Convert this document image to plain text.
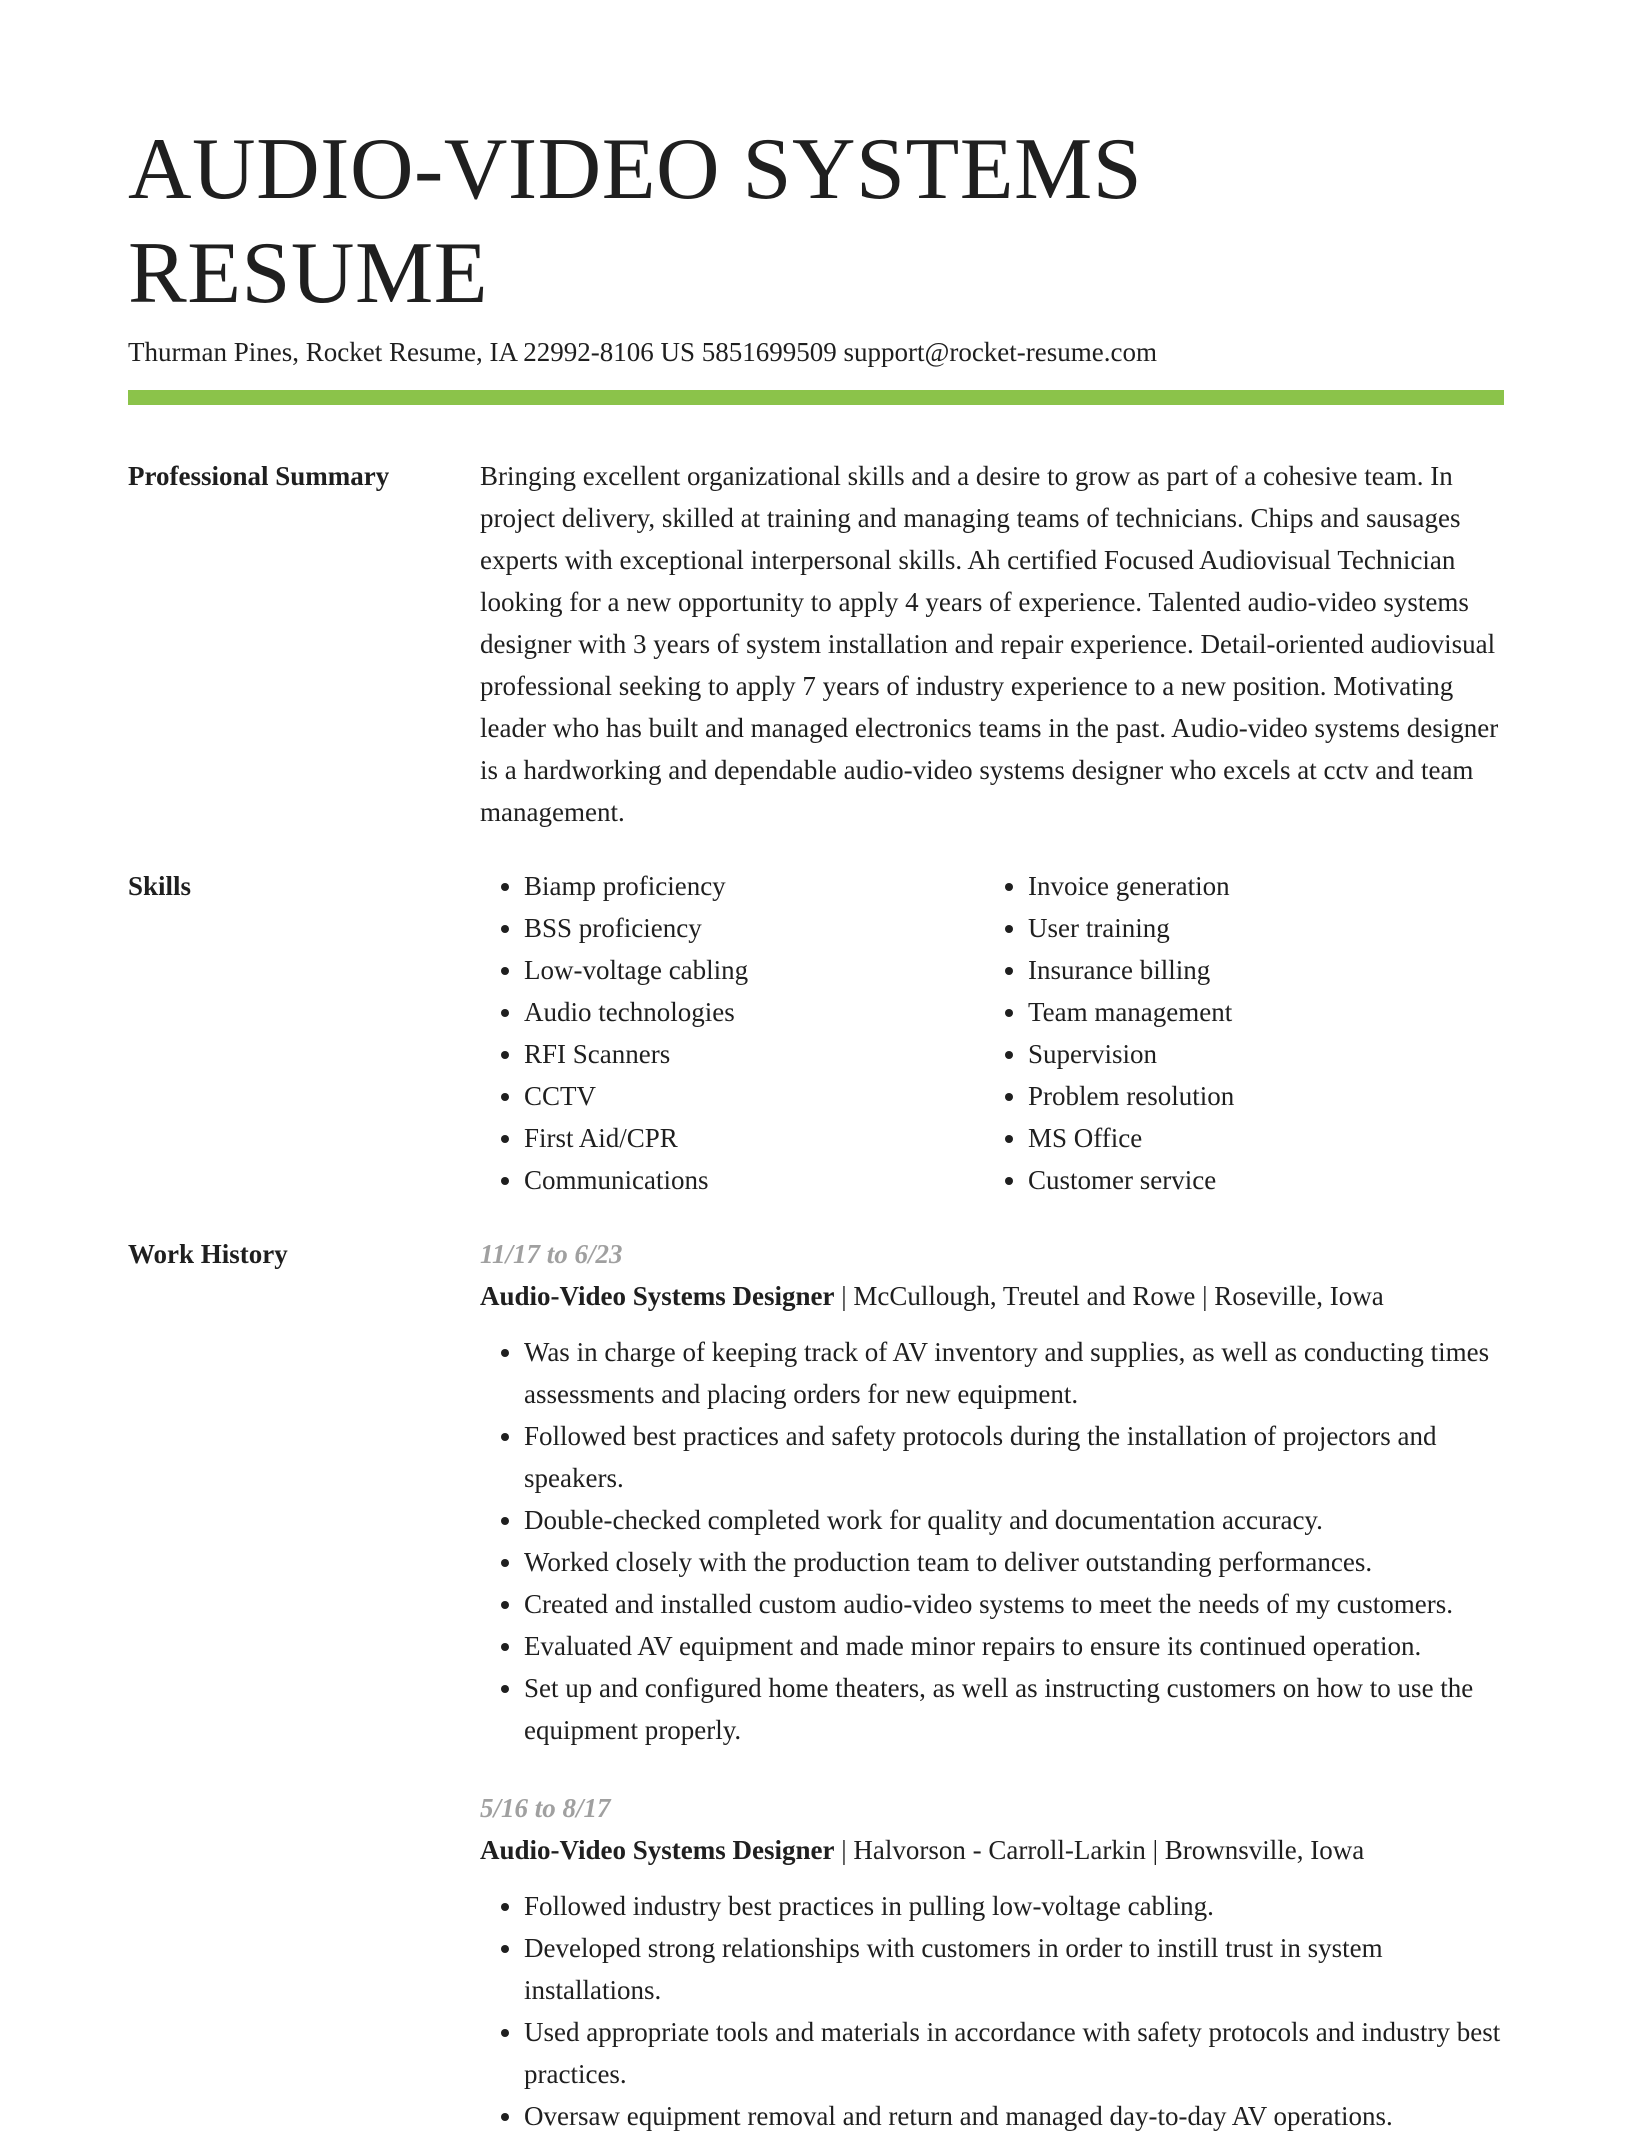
AUDIO-VIDEO SYSTEMS RESUME
Thurman Pines, Rocket Resume, IA 22992-8106 US 5851699509 support@rocket-resume.com
Professional Summary	Bringing excellent organizational skills and a desire to grow as part of a cohesive team. In project delivery, skilled at training and managing teams of technicians. Chips and sausages experts with exceptional interpersonal skills. Ah certified Focused Audiovisual Technician looking for a new opportunity to apply 4 years of experience. Talented audio-video systems designer with 3 years of system installation and repair experience. Detail-oriented audiovisual professional seeking to apply 7 years of industry experience to a new position. Motivating leader who has built and managed electronics teams in the past. Audio-video systems designer is a hardworking and dependable audio-video systems designer who excels at cctv and team management.

Skills
•	Biamp proficiency
• BSS proficiency
• Low-voltage cabling
• Audio technologies
• RFI Scanners
• CCTV
• First Aid/CPR
• Communications
• Invoice generation
• User training
• Insurance billing
• Team management
• Supervision
• Problem resolution
• MS Office
• Customer service
Work History	11/17 to 6/23
Audio-Video Systems Designer | McCullough, Treutel and Rowe | Roseville, Iowa
• Was in charge of keeping track of AV inventory and supplies, as well as conducting times assessments and placing orders for new equipment.
• Followed best practices and safety protocols during the installation of projectors and speakers.
• Double-checked completed work for quality and documentation accuracy.
• Worked closely with the production team to deliver outstanding performances.
• Created and installed custom audio-video systems to meet the needs of my customers.
• Evaluated AV equipment and made minor repairs to ensure its continued operation.
• Set up and configured home theaters, as well as instructing customers on how to use the equipment properly.
5/16 to 8/17
Audio-Video Systems Designer | Halvorson - Carroll-Larkin | Brownsville, Iowa
• Followed industry best practices in pulling low-voltage cabling.
• Developed strong relationships with customers in order to instill trust in system installations.
• Used appropriate tools and materials in accordance with safety protocols and industry best practices.
• Oversaw equipment removal and return and managed day-to-day AV operations.
